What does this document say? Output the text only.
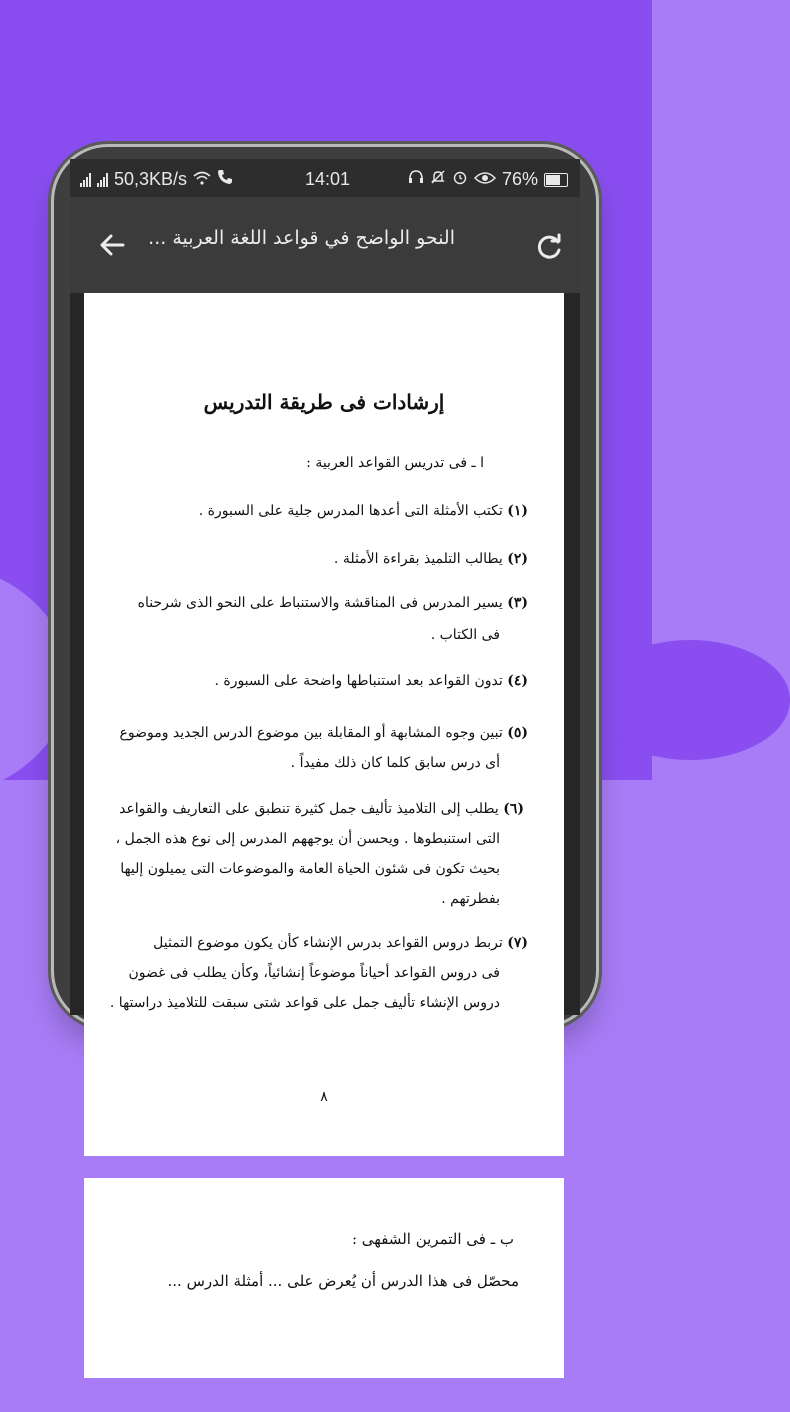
50,3KB/s	14:01	76%
النحو الواضح في قواعد اللغة العربية ...
إرشادات فى طريقة التدريس
ا ـ فى تدريس القواعد العربية :
(١) تكتب الأمثلة التى أعدها المدرس جلية على السبورة .
(٢) يطالب التلميذ بقراءة الأمثلة .
(٣) يسير المدرس فى المناقشة والاستنباط على النحو الذى شرحناه
فى الكتاب .
(٤) تدون القواعد بعد استنباطها واضحة على السبورة .
(٥) تبين وجوه المشابهة أو المقابلة بين موضوع الدرس الجديد وموضوع
أى درس سابق كلما كان ذلك مفيداً .
(٦) يطلب إلى التلاميذ تأليف جمل كثيرة تنطبق على التعاريف والقواعد
التى استنبطوها . ويحسن أن يوجههم المدرس إلى نوع هذه الجمل ،
بحيث تكون فى شئون الحياة العامة والموضوعات التى يميلون إليها
بفطرتهم .
(٧) تربط دروس القواعد بدرس الإنشاء كأن يكون موضوع التمثيل
فى دروس القواعد أحياناً موضوعاً إنشائياً، وكأن يطلب فى غضون
دروس الإنشاء تأليف جمل على قواعد شتى سبقت للتلاميذ دراستها .
٨
ب ـ فى التمرين الشفهى :
محصّل فى هذا الدرس أن يُعرض على ... أمثلة الدرس ...
